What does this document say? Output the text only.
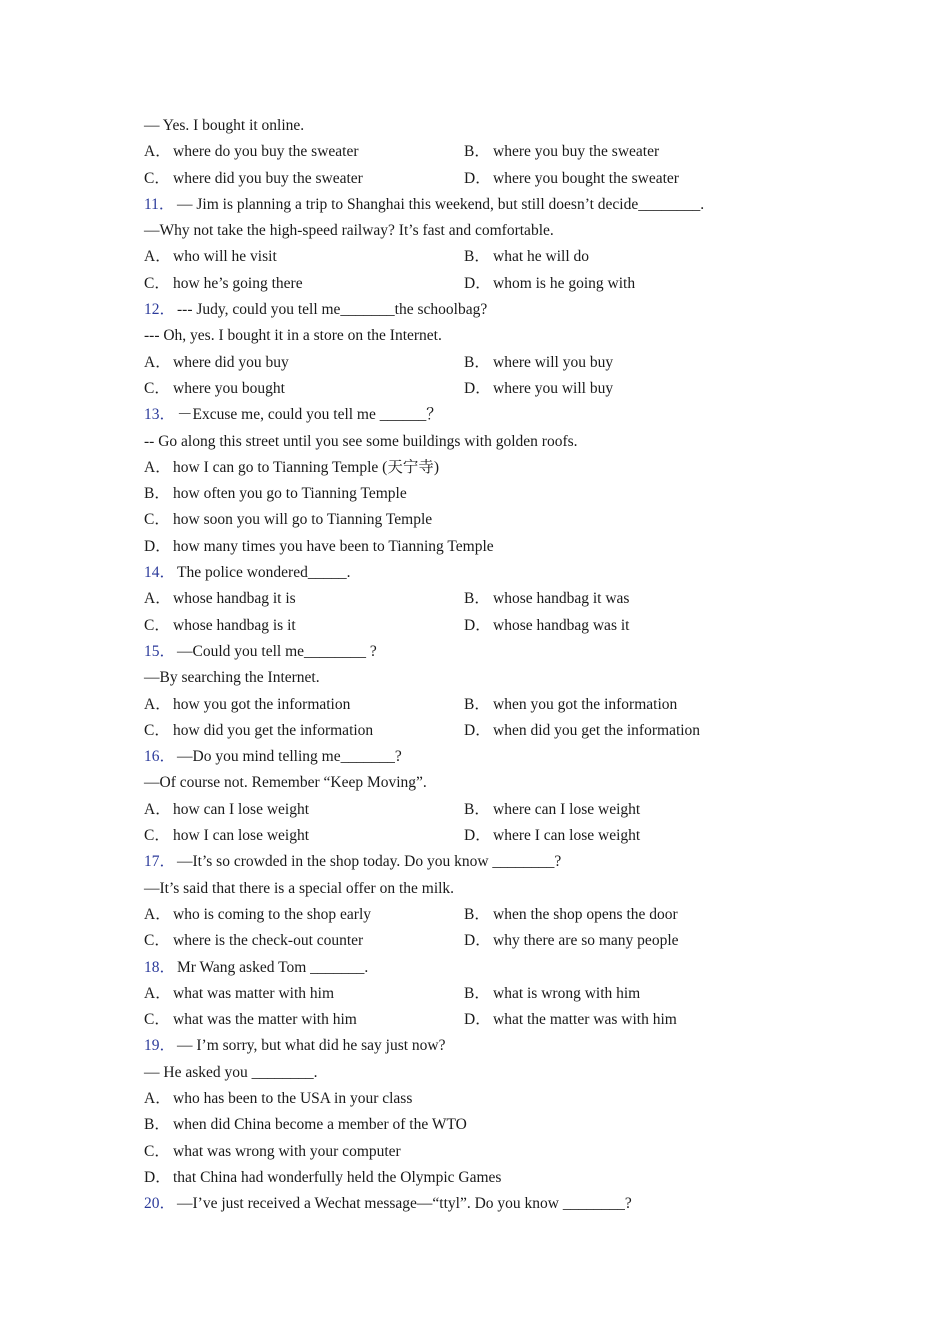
— Yes. I bought it online.
A． where do you buy the sweater	B． where you buy the sweater
C． where did you buy the sweater	D． where you bought the sweater
11． — Jim is planning a trip to Shanghai this weekend, but still doesn’t decide________.
—Why not take the high-speed railway? It’s fast and comfortable.
A． who will he visit	B． what he will do
C． how he’s going there	D． whom is he going with
12． --- Judy, could you tell me_______the schoolbag?
--- Oh, yes. I bought it in a store on the Internet.
A． where did you buy	B． where will you buy
C． where you bought	D． where you will buy
13． －Excuse me, could you tell me ______？
-- Go along this street until you see some buildings with golden roofs.
A． how I can go to Tianning Temple (天宁寺)
B． how often you go to Tianning Temple
C． how soon you will go to Tianning Temple
D． how many times you have been to Tianning Temple
14． The police wondered_____.
A． whose handbag it is	B． whose handbag it was
C． whose handbag is it	D． whose handbag was it
15． —Could you tell me________ ?
—By searching the Internet.
A． how you got the information	B． when you got the information
C． how did you get the information	D． when did you get the information
16． —Do you mind telling me_______?
—Of course not. Remember “Keep Moving”.
A． how can I lose weight	B． where can I lose weight
C． how I can lose weight	D． where I can lose weight
17． —It’s so crowded in the shop today. Do you know ________?
—It’s said that there is a special offer on the milk.
A． who is coming to the shop early	B． when the shop opens the door
C． where is the check-out counter	D． why there are so many people
18． Mr Wang asked Tom _______.
A． what was matter with him	B． what is wrong with him
C． what was the matter with him	D． what the matter was with him
19． — I’m sorry, but what did he say just now?
— He asked you ________.
A． who has been to the USA in your class
B． when did China become a member of the WTO
C． what was wrong with your computer
D． that China had wonderfully held the Olympic Games
20． —I’ve just received a Wechat message—“ttyl”. Do you know ________?
